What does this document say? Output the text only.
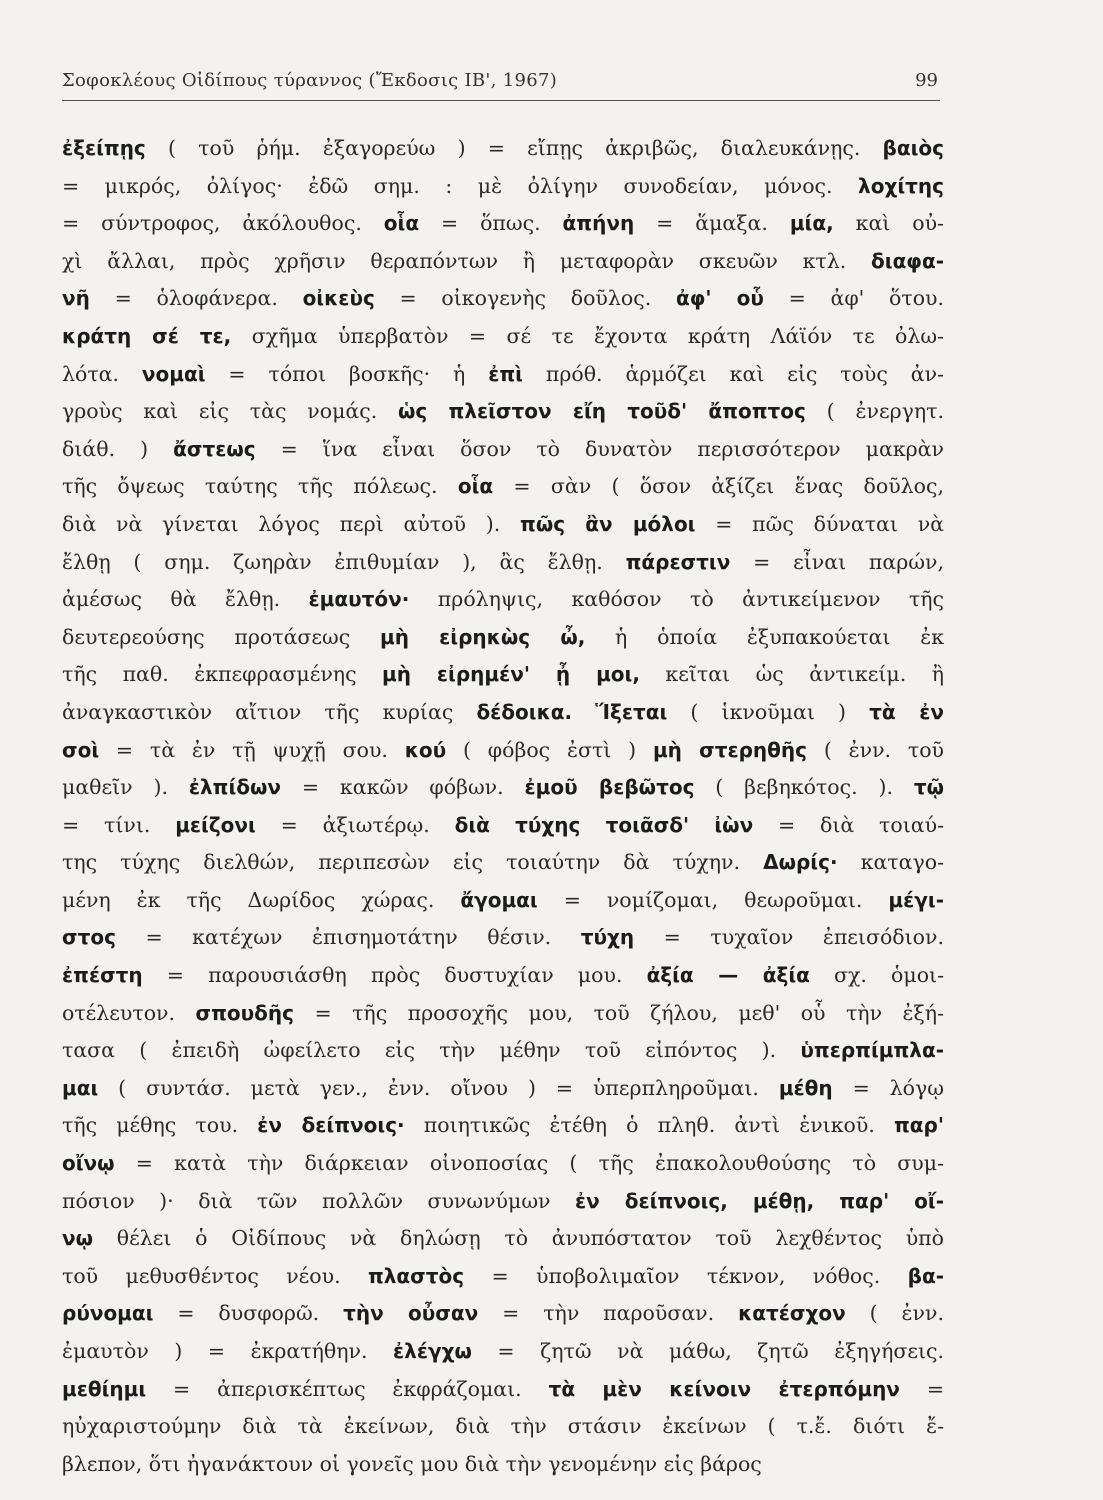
Σοφοκλέους Οἰδίπους τύραννος (Ἔκδοσις ΙΒ', 1967)	99
ἐξείπῃς ( τοῦ ῥήμ. ἐξαγορεύω ) = εἴπῃς ἀκριβῶς, διαλευκάνῃς. βαιὸς
= μικρός, ὀλίγος· ἐδῶ σημ. : μὲ ὀλίγην συνοδείαν, μόνος. λοχίτης
= σύντροφος, ἀκόλουθος. οἷα = ὅπως. ἀπήνη = ἅμαξα. μία, καὶ οὐ-
χὶ ἄλλαι, πρὸς χρῆσιν θεραπόντων ἢ μεταφορὰν σκευῶν κτλ. διαφα-
νῆ = ὁλοφάνερα. οἰκεὺς = οἰκογενὴς δοῦλος. ἀφ' οὗ = ἀφ' ὅτου.
κράτη σέ τε, σχῆμα ὑπερβατὸν = σέ τε ἔχοντα κράτη Λάϊόν τε ὀλω-
λότα. νομαὶ = τόποι βοσκῆς· ἡ ἐπὶ πρόθ. ἁρμόζει καὶ εἰς τοὺς ἀν-
γροὺς καὶ εἰς τὰς νομάς. ὡς πλεῖστον εἴη τοῦδ' ἄποπτος ( ἐνεργητ.
διάθ. ) ἄστεως = ἵνα εἶναι ὅσον τὸ δυνατὸν περισσότερον μακρὰν
τῆς ὄψεως ταύτης τῆς πόλεως. οἷα = σὰν ( ὅσον ἀξίζει ἕνας δοῦλος,
διὰ νὰ γίνεται λόγος περὶ αὐτοῦ ). πῶς ἂν μόλοι = πῶς δύναται νὰ
ἔλθῃ ( σημ. ζωηρὰν ἐπιθυμίαν ), ἂς ἔλθῃ. πάρεστιν = εἶναι παρών,
ἀμέσως θὰ ἔλθῃ. ἐμαυτόν· πρόληψις, καθόσον τὸ ἀντικείμενον τῆς
δευτερεούσης προτάσεως μὴ εἰρηκὼς ὦ, ἡ ὁποία ἐξυπακούεται ἐκ
τῆς παθ. ἐκπεφρασμένης μὴ εἰρημέν' ᾖ μοι, κεῖται ὡς ἀντικείμ. ἢ
ἀναγκαστικὸν αἴτιον τῆς κυρίας δέδοικα. Ἵξεται ( ἱκνοῦμαι ) τὰ ἐν
σοὶ = τὰ ἐν τῇ ψυχῇ σου. κού ( φόβος ἐστὶ ) μὴ στερηθῆς ( ἐνν. τοῦ
μαθεῖν ). ἐλπίδων = κακῶν φόβων. ἐμοῦ βεβῶτος ( βεβηκότος. ). τῷ
= τίνι. μείζονι = ἀξιωτέρῳ. διὰ τύχης τοιᾶσδ' ἰὼν = διὰ τοιαύ-
της τύχης διελθών, περιπεσὼν εἰς τοιαύτην δὰ τύχην. Δωρίς· καταγο-
μένη ἐκ τῆς Δωρίδος χώρας. ἄγομαι = νομίζομαι, θεωροῦμαι. μέγι-
στος = κατέχων ἐπισημοτάτην θέσιν. τύχη = τυχαῖον ἐπεισόδιον.
ἐπέστη = παρουσιάσθη πρὸς δυστυχίαν μου. ἀξία — ἀξία σχ. ὁμοι-
οτέλευτον. σπουδῆς = τῆς προσοχῆς μου, τοῦ ζήλου, μεθ' οὗ τὴν ἐξή-
τασα ( ἐπειδὴ ὠφείλετο εἰς τὴν μέθην τοῦ εἰπόντος ). ὑπερπίμπλα-
μαι ( συντάσ. μετὰ γεν., ἐνν. οἴνου ) = ὑπερπληροῦμαι. μέθη = λόγῳ
τῆς μέθης του. ἐν δείπνοις· ποιητικῶς ἐτέθη ὁ πληθ. ἀντὶ ἑνικοῦ. παρ'
οἴνῳ = κατὰ τὴν διάρκειαν οἰνοποσίας ( τῆς ἐπακολουθούσης τὸ συμ-
πόσιον )· διὰ τῶν πολλῶν συνωνύμων ἐν δείπνοις, μέθῃ, παρ' οἴ-
νῳ θέλει ὁ Οἰδίπους νὰ δηλώσῃ τὸ ἀνυπόστατον τοῦ λεχθέντος ὑπὸ
τοῦ μεθυσθέντος νέου. πλαστὸς = ὑποβολιμαῖον τέκνον, νόθος. βα-
ρύνομαι = δυσφορῶ. τὴν οὖσαν = τὴν παροῦσαν. κατέσχον ( ἐνν.
ἐμαυτὸν ) = ἐκρατήθην. ἐλέγχω = ζητῶ νὰ μάθω, ζητῶ ἐξηγήσεις.
μεθίημι = ἀπερισκέπτως ἐκφράζομαι. τὰ μὲν κείνοιν ἐτερπόμην =
ηὐχαριστούμην διὰ τὰ ἐκείνων, διὰ τὴν στάσιν ἐκείνων ( τ.ἔ. διότι ἔ-
βλεπον, ὅτι ἠγανάκτουν οἱ γονεῖς μου διὰ τὴν γενομένην εἰς βάρος
